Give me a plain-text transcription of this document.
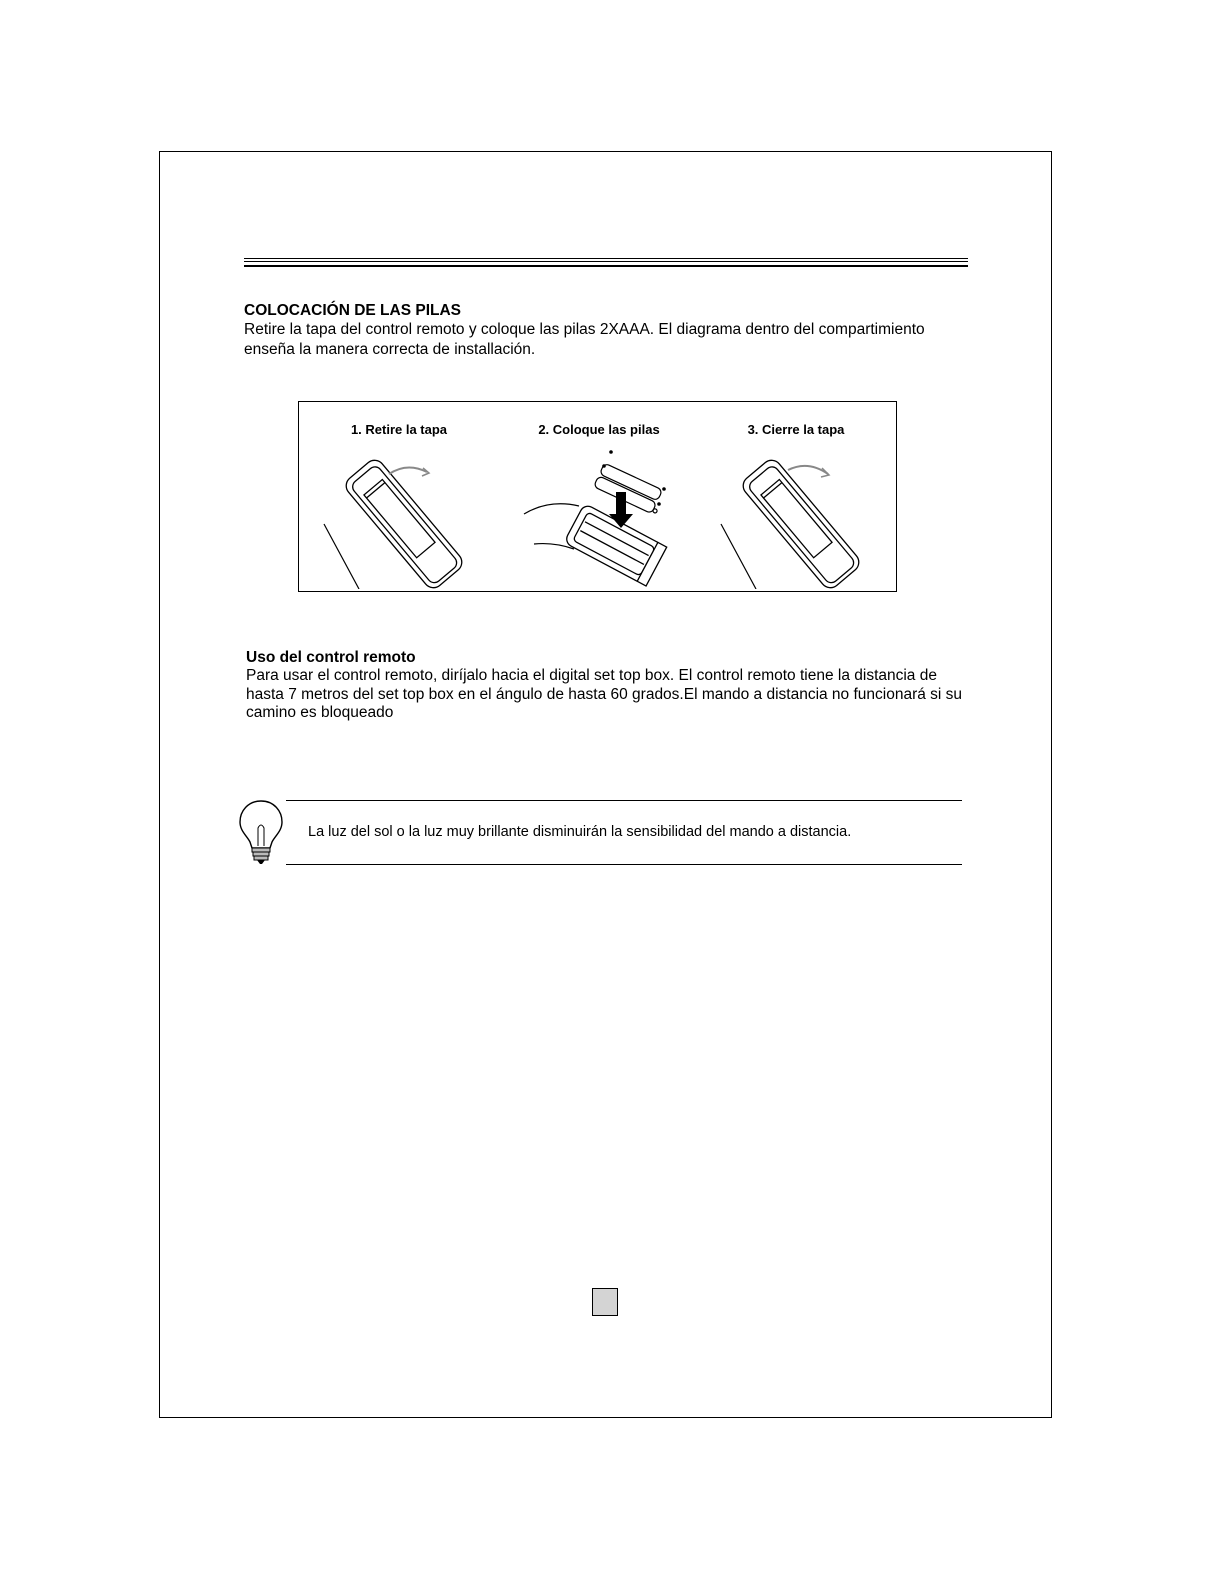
COLOCACIÓN DE LAS PILAS

Retire la tapa del control remoto y coloque las pilas 2XAAA. El diagrama dentro del compartimiento enseña la manera correcta de installación.

1. Retire la tapa	2. Coloque las pilas	3. Cierre la tapa
Uso del control remoto

Para usar el control remoto, diríjalo hacia el digital set top box. El control remoto tiene la distancia de hasta 7 metros del set top box en el ángulo de hasta 60 grados.El mando a distancia no funcionará si su camino es bloqueado

La luz del sol o la luz muy brillante disminuirán la sensibilidad del mando a distancia.
